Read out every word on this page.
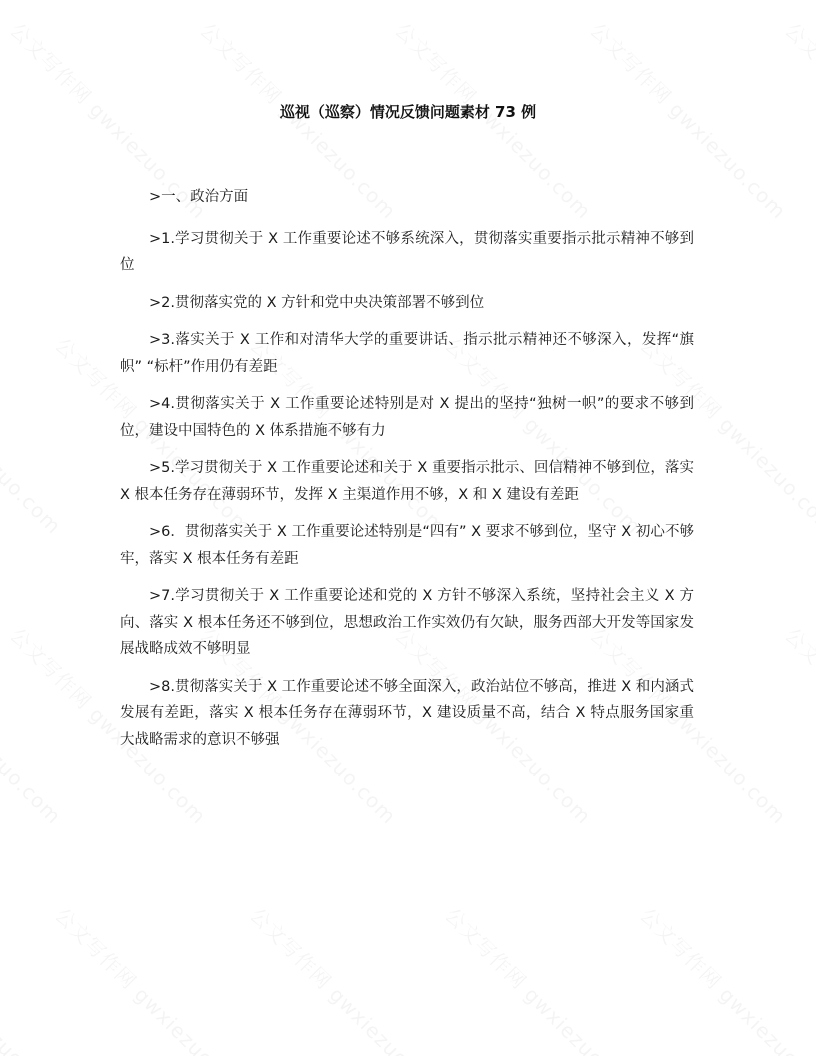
巡视（巡察）情况反馈问题素材 73 例

>一、政治方面

>1.学习贯彻关于 X 工作重要论述不够系统深入，贯彻落实重要指示批示精神不够到位

>2.贯彻落实党的 X 方针和党中央决策部署不够到位

>3.落实关于 X 工作和对清华大学的重要讲话、指示批示精神还不够深入，发挥“旗帜” “标杆”作用仍有差距

>4.贯彻落实关于 X 工作重要论述特别是对 X 提出的坚持“独树一帜”的要求不够到位，建设中国特色的 X 体系措施不够有力

>5.学习贯彻关于 X 工作重要论述和关于 X 重要指示批示、回信精神不够到位，落实 X 根本任务存在薄弱环节，发挥 X 主渠道作用不够，X 和 X 建设有差距

>6．贯彻落实关于 X 工作重要论述特别是“四有” X 要求不够到位，坚守 X 初心不够牢，落实 X 根本任务有差距

>7.学习贯彻关于 X 工作重要论述和党的 X 方针不够深入系统，坚持社会主义 X 方向、落实 X 根本任务还不够到位，思想政治工作实效仍有欠缺，服务西部大开发等国家发展战略成效不够明显

>8.贯彻落实关于 X 工作重要论述不够全面深入，政治站位不够高，推进 X 和内涵式发展有差距，落实 X 根本任务存在薄弱环节，X 建设质量不高，结合 X 特点服务国家重大战略需求的意识不够强
